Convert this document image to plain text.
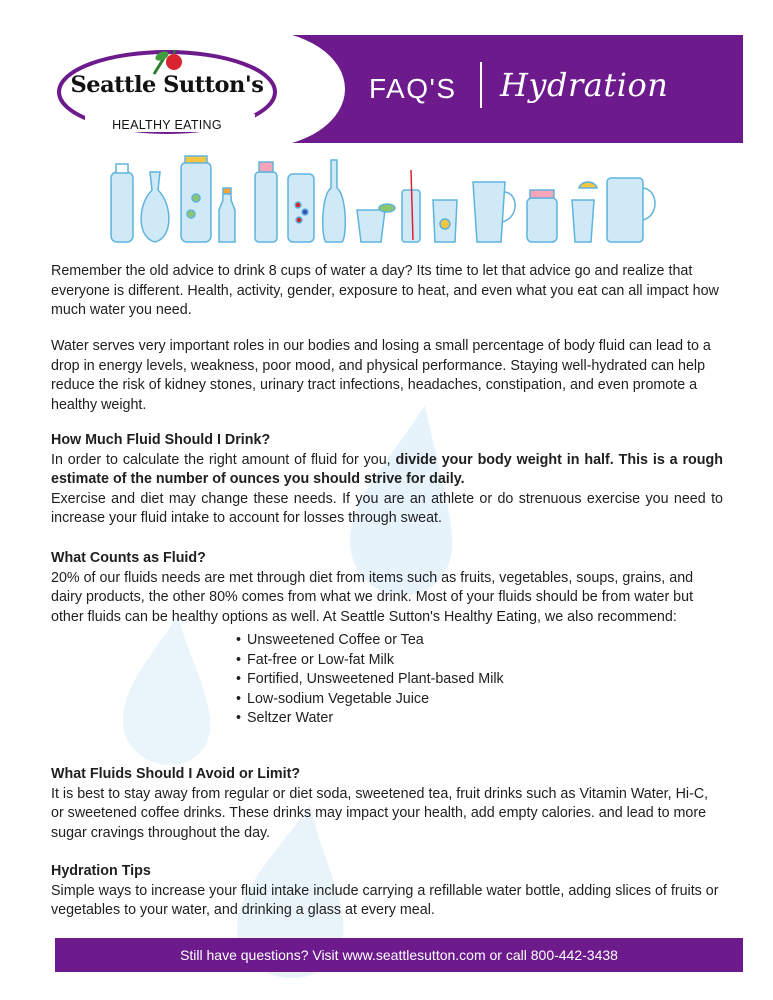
Seattle Sutton's
HEALTHY EATING
FAQ'S Hydration

Remember the old advice to drink 8 cups of water a day? Its time to let that advice go and realize that everyone is different. Health, activity, gender, exposure to heat, and even what you eat can all impact how much water you need.

Water serves very important roles in our bodies and losing a small percentage of body fluid can lead to a drop in energy levels, weakness, poor mood, and physical performance. Staying well-hydrated can help reduce the risk of kidney stones, urinary tract infections, headaches, constipation, and even promote a healthy weight.

How Much Fluid Should I Drink?

In order to calculate the right amount of fluid for you, divide your body weight in half. This is a rough estimate of the number of ounces you should strive for daily.

Exercise and diet may change these needs. If you are an athlete or do strenuous exercise you need to increase your fluid intake to account for losses through sweat.

What Counts as Fluid?

20% of our fluids needs are met through diet from items such as fruits, vegetables, soups, grains, and dairy products, the other 80% comes from what we drink. Most of your fluids should be from water but other fluids can be healthy options as well. At Seattle Sutton's Healthy Eating, we also recommend:

• Unsweetened Coffee or Tea
• Fat-free or Low-fat Milk
• Fortified, Unsweetened Plant-based Milk
• Low-sodium Vegetable Juice
• Seltzer Water
What Fluids Should I Avoid or Limit?

It is best to stay away from regular or diet soda, sweetened tea, fruit drinks such as Vitamin Water, Hi-C, or sweetened coffee drinks. These drinks may impact your health, add empty calories. and lead to more sugar cravings throughout the day.

Hydration Tips

Simple ways to increase your fluid intake include carrying a refillable water bottle, adding slices of fruits or vegetables to your water, and drinking a glass at every meal.

Still have questions? Visit www.seattlesutton.com or call 800-442-3438
